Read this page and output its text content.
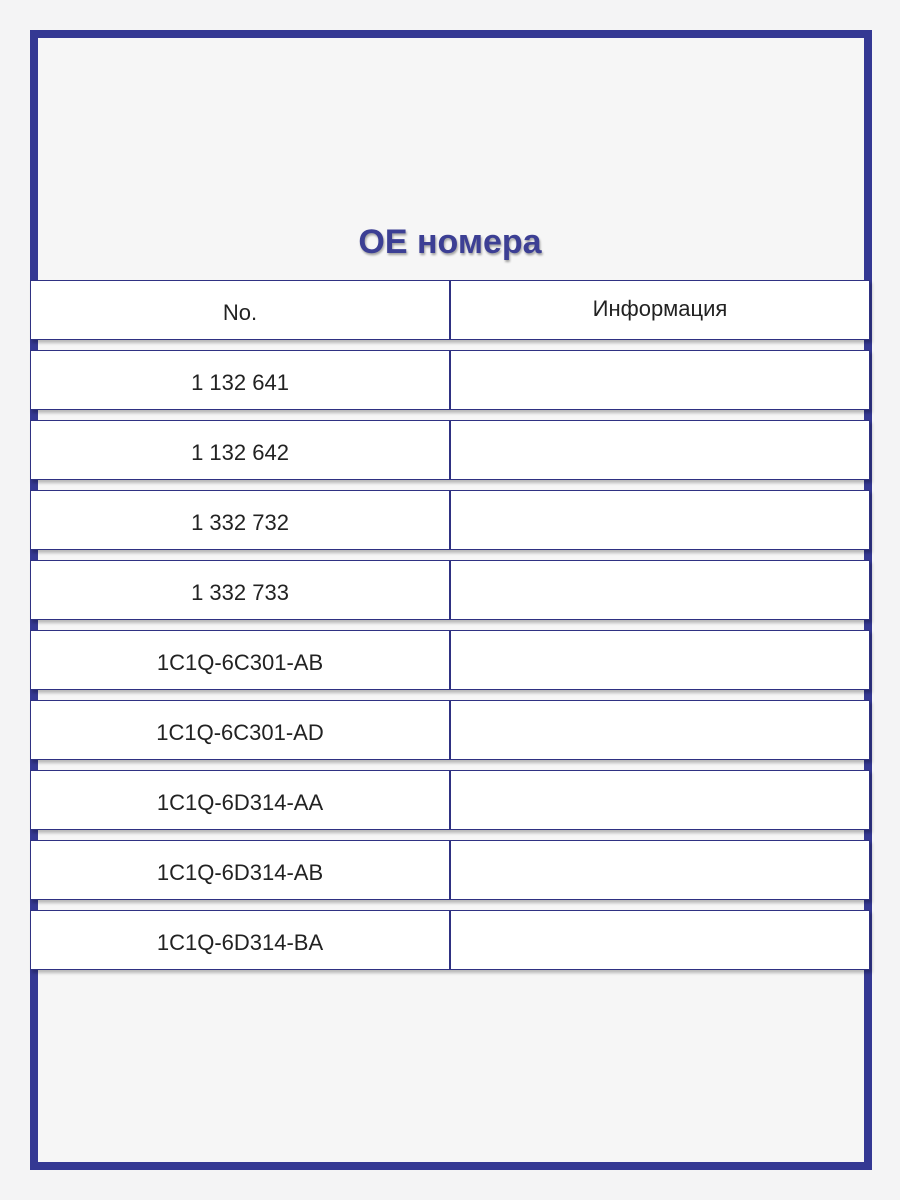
OE номера
No.	Информация
1 132 641
1 132 642
1 332 732
1 332 733
1C1Q-6C301-AB
1C1Q-6C301-AD
1C1Q-6D314-AA
1C1Q-6D314-AB
1C1Q-6D314-BA
